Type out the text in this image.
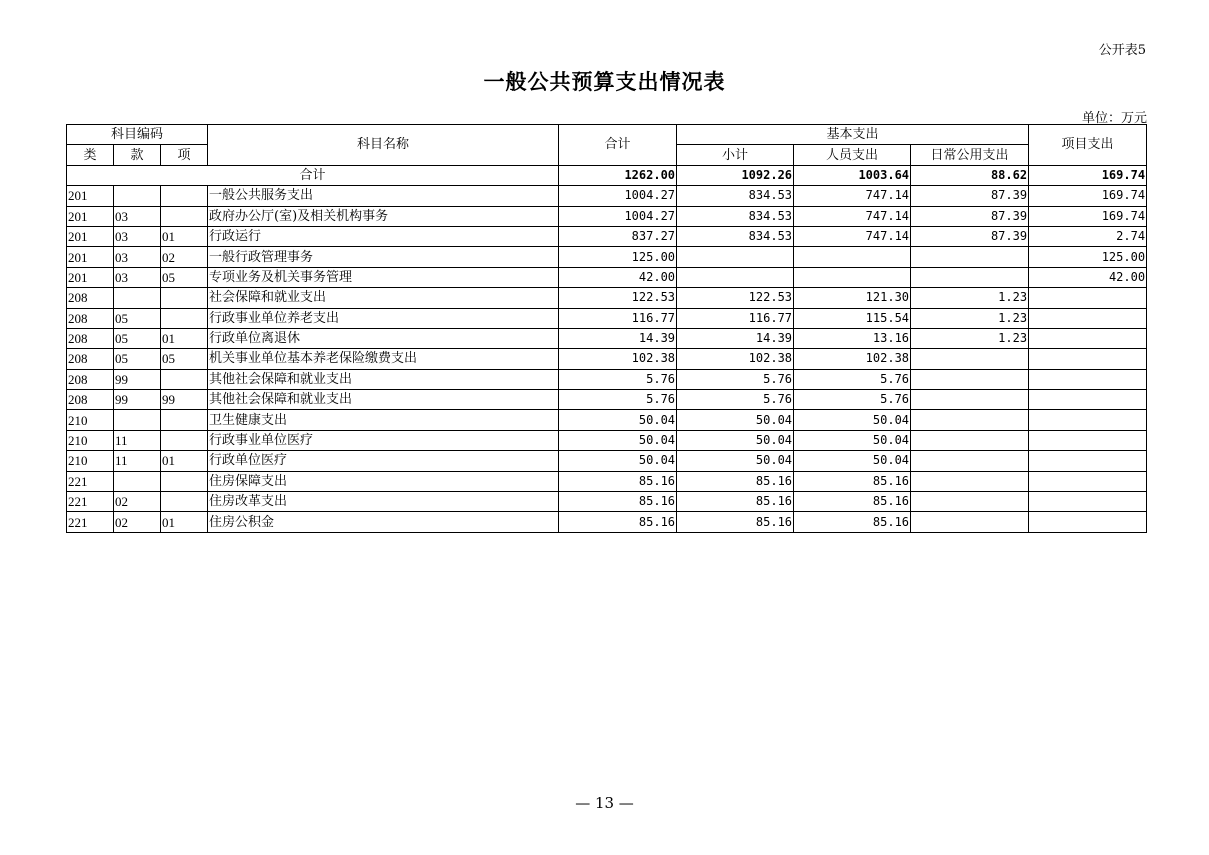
公开表5
一般公共预算支出情况表
单位：万元
科目编码			科目名称	合计	基本支出			项目支出
类	款	项			小计	人员支出	日常公用支出	
合计				1262.00	1092.26	1003.64	88.62	169.74
201			一般公共服务支出	1004.27	834.53	747.14	87.39	169.74
201	03		政府办公厅(室)及相关机构事务	1004.27	834.53	747.14	87.39	169.74
201	03	01	行政运行	837.27	834.53	747.14	87.39	2.74
201	03	02	一般行政管理事务	125.00				125.00
201	03	05	专项业务及机关事务管理	42.00				42.00
208			社会保障和就业支出	122.53	122.53	121.30	1.23	
208	05		行政事业单位养老支出	116.77	116.77	115.54	1.23	
208	05	01	行政单位离退休	14.39	14.39	13.16	1.23	
208	05	05	机关事业单位基本养老保险缴费支出	102.38	102.38	102.38		
208	99		其他社会保障和就业支出	5.76	5.76	5.76		
208	99	99	其他社会保障和就业支出	5.76	5.76	5.76		
210			卫生健康支出	50.04	50.04	50.04		
210	11		行政事业单位医疗	50.04	50.04	50.04		
210	11	01	行政单位医疗	50.04	50.04	50.04		
221			住房保障支出	85.16	85.16	85.16		
221	02		住房改革支出	85.16	85.16	85.16		
221	02	01	住房公积金	85.16	85.16	85.16		
— 13 —
